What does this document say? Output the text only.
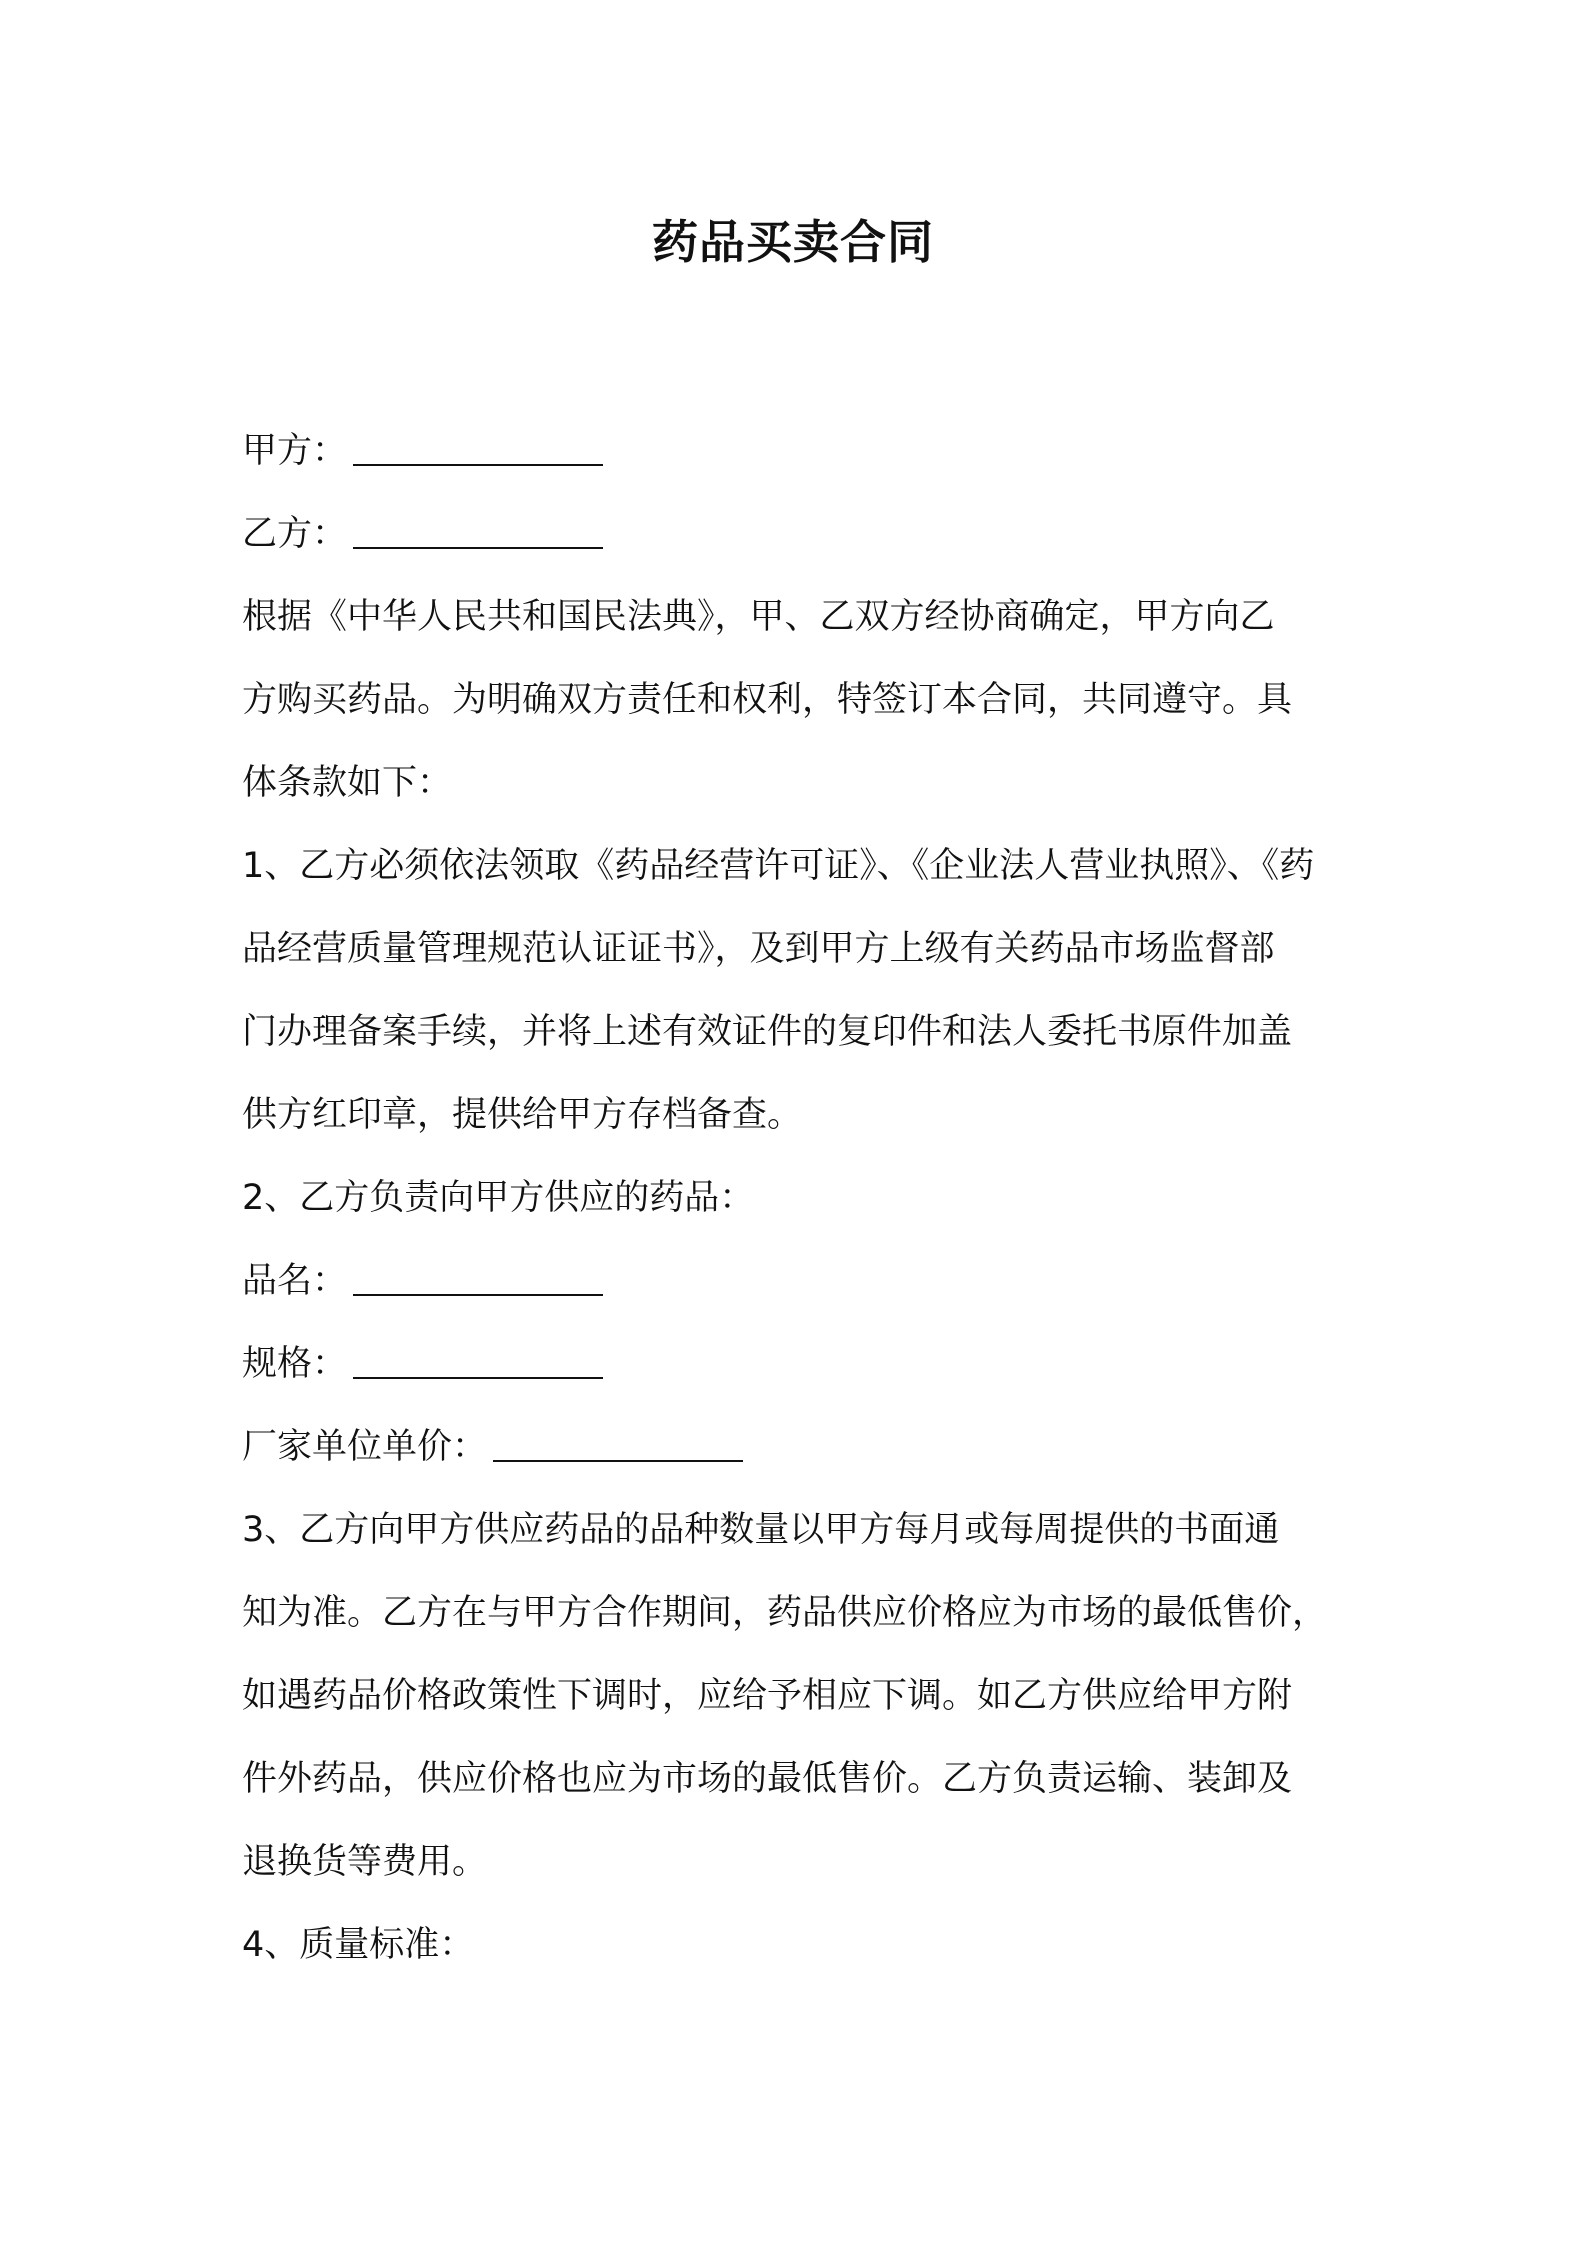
药品买卖合同
甲方：
乙方：
根据《中华人民共和国民法典》，甲、乙双方经协商确定，甲方向乙
方购买药品。为明确双方责任和权利，特签订本合同，共同遵守。具
体条款如下：
1、乙方必须依法领取《药品经营许可证》、《企业法人营业执照》、《药
品经营质量管理规范认证证书》，及到甲方上级有关药品市场监督部
门办理备案手续，并将上述有效证件的复印件和法人委托书原件加盖
供方红印章，提供给甲方存档备查。
2、乙方负责向甲方供应的药品：
品名：
规格：
厂家单位单价：
3、乙方向甲方供应药品的品种数量以甲方每月或每周提供的书面通
知为准。乙方在与甲方合作期间，药品供应价格应为市场的最低售价，
如遇药品价格政策性下调时，应给予相应下调。如乙方供应给甲方附
件外药品，供应价格也应为市场的最低售价。乙方负责运输、装卸及
退换货等费用。
4、质量标准：
